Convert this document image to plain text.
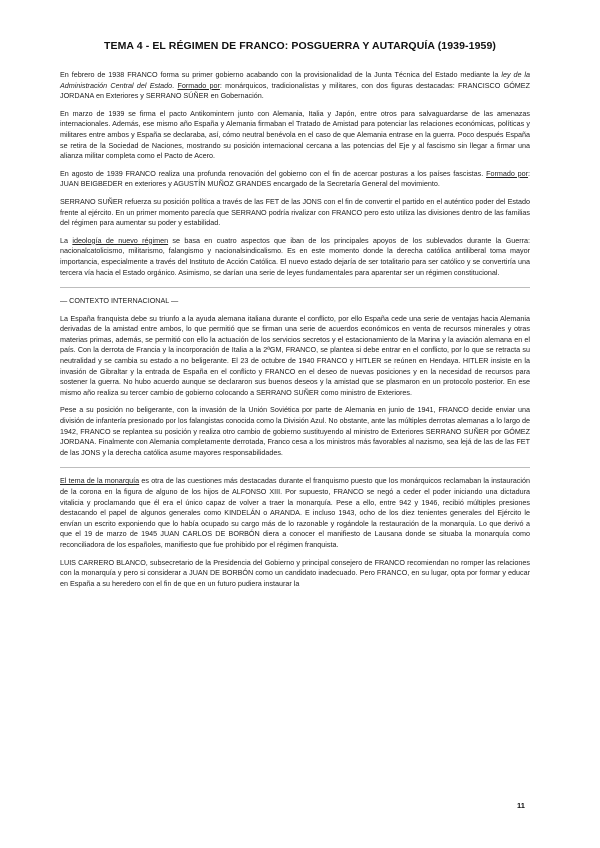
TEMA 4 - EL RÉGIMEN DE FRANCO: POSGUERRA Y AUTARQUÍA (1939-1959)

En febrero de 1938 FRANCO forma su primer gobierno acabando con la provisionalidad de la Junta Técnica del Estado mediante la ley de la Administración Central del Estado. Formado por: monárquicos, tradicionalistas y militares, con dos figuras destacadas: FRANCISCO GÓMEZ JORDANA en Exteriores y SERRANO SÚÑER en Gobernación.

En marzo de 1939 se firma el pacto Antikomintern junto con Alemania, Italia y Japón, entre otros para salvaguardarse de las amenazas internacionales. Además, ese mismo año España y Alemania firmaban el Tratado de Amistad para potenciar las relaciones económicas, políticas y militares entre ambos y España se declaraba, así, cómo neutral benévola en el caso de que Alemania entrase en la guerra. Poco después España se retira de la Sociedad de Naciones, mostrando su posición internacional cercana a las potencias del Eje y al fascismo sin llegar a firmar una alianza militar completa como el Pacto de Acero.

En agosto de 1939 FRANCO realiza una profunda renovación del gobierno con el fin de acercar posturas a los países fascistas. Formado por: JUAN BEIGBEDER en exteriores y AGUSTÍN MUÑOZ GRANDES encargado de la Secretaría General del movimiento.

SERRANO SUÑER refuerza su posición política a través de las FET de las JONS con el fin de convertir el partido en el auténtico poder del Estado frente al ejército. En un primer momento parecía que SERRANO podría rivalizar con FRANCO pero esto utiliza las divisiones dentro de las familias del régimen para aumentar su poder y estabilidad.

La ideología de nuevo régimen se basa en cuatro aspectos que iban de los principales apoyos de los sublevados durante la Guerra: nacionalcatolicismo, militarismo, falangismo y nacionalsindicalismo. Es en este momento donde la derecha católica antiliberal toma mayor importancia, especialmente a través del Instituto de Acción Católica. El nuevo estado dejaría de ser totalitario para ser católico y se convertiría una tercera vía hacia el Estado orgánico. Asimismo, se darían una serie de leyes fundamentales para aparentar ser un régimen constitucional.

— CONTEXTO INTERNACIONAL —

La España franquista debe su triunfo a la ayuda alemana italiana durante el conflicto, por ello España cede una serie de ventajas hacia Alemania derivadas de la amistad entre ambos, lo que permitió que se firman una serie de acuerdos económicos en venta de recursos minerales y otras materias primas, además, se permitió con ello la actuación de los servicios secretos y el estacionamiento de la Marina y la aviación alemana en el país. Con la derrota de Francia y la incorporación de Italia a la 2ªGM, FRANCO, se plantea si debe entrar en el conflicto, por lo que se retracta su neutralidad y se cambia su estado a no beligerante. El 23 de octubre de 1940 FRANCO y HITLER se reúnen en Hendaya. HITLER insiste en la invasión de Gibraltar y la entrada de España en el conflicto y FRANCO en el deseo de nuevas posiciones y en la necesidad de recursos para sostener la guerra. No hubo acuerdo aunque se declararon sus buenos deseos y la amistad que se plasmaron en un protocolo posterior. En ese mismo año realiza su tercer cambio de gobierno colocando a SERRANO SUÑER como ministro de Exteriores.

Pese a su posición no beligerante, con la invasión de la Unión Soviética por parte de Alemania en junio de 1941, FRANCO decide enviar una división de infantería presionado por los falangistas conocida como la División Azul. No obstante, ante las múltiples derrotas alemanas a lo largo de 1942, FRANCO se replantea su posición y realiza otro cambio de gobierno sustituyendo al ministro de Exteriores SERRANO SUÑER por GÓMEZ JORDANA. Finalmente con Alemania completamente derrotada, Franco cesa a los ministros más favorables al nazismo, sea lejá de las de las FET de las JONS y la derecha católica asume mayores responsabilidades.

El tema de la monarquía es otra de las cuestiones más destacadas durante el franquismo puesto que los monárquicos reclamaban la instauración de la corona en la figura de alguno de los hijos de ALFONSO XIII. Por supuesto, FRANCO se negó a ceder el poder iniciando una dictadura vitalicia y proclamando que él era el único capaz de volver a traer la monarquía. Pese a ello, entre 942 y 1946, recibió múltiples presiones destacando el papel de algunos generales como KINDELÁN o ARANDA. E incluso 1943, ocho de los diez tenientes generales del Ejército le envían un escrito exponiendo que lo había ocupado su cargo más de lo razonable y rogándole la restauración de la monarquía. Lo que derivó a que el 19 de marzo de 1945 JUAN CARLOS DE BORBÓN diera a conocer el manifiesto de Lausana donde se situaba la monarquía como reconciliadora de los españoles, manifiesto que fue prohibido por el régimen franquista.

LUIS CARRERO BLANCO, subsecretario de la Presidencia del Gobierno y principal consejero de FRANCO recomiendan no romper las relaciones con la monarquía y pero si considerar a JUAN DE BORBÓN como un candidato inadecuado. Pero FRANCO, en su lugar, opta por formar y educar en España a su heredero con el fin de que en un futuro pudiera instaurar la

11
